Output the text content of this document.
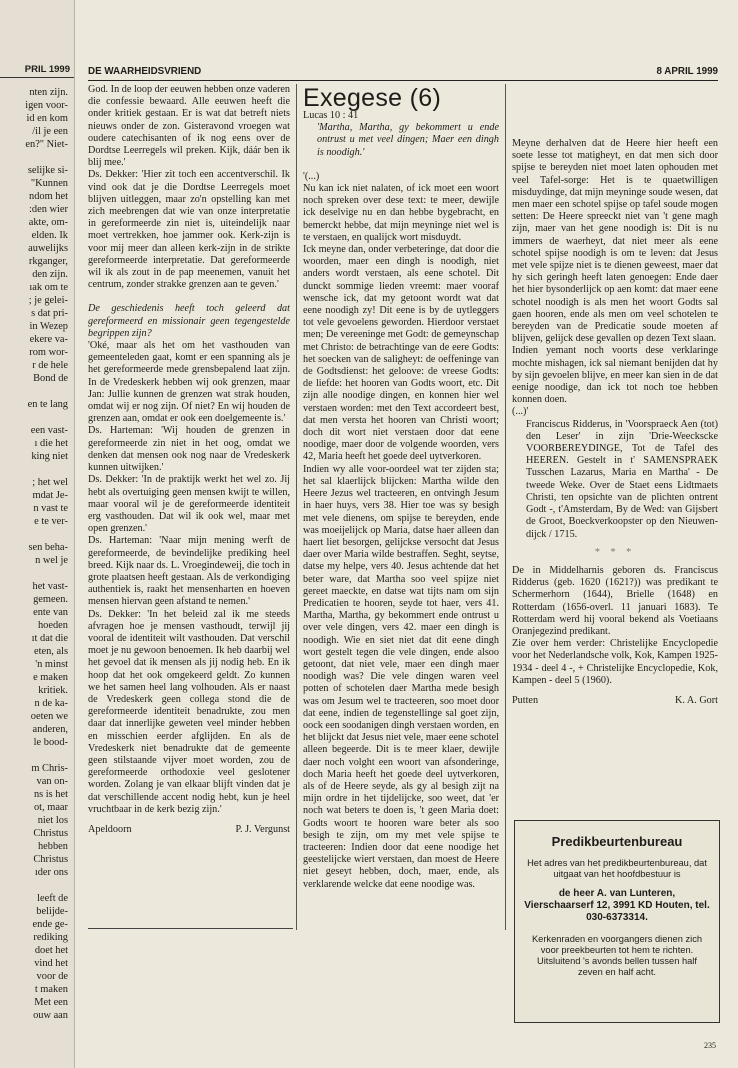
PRIL 1999
nten zijn.
igen voor-
id en kom
/il je een
en?" Niet-
selijke si-
"Kunnen
ndom het
:den wier
akte, om-
elden. Ik
auwelijks
rkganger,
den zijn.
ıak om te
; je gelei-
s dat pri-
in Wezep
ekere va-
rom wor-
r de hele
Bond de
en te lang
een vast-
ı die het
king niet
; het wel
mdat Je-
n vast te
e te ver-
sen beha-
n wel je
het vast-
gemeen.
ente van
hoeden
ıt dat die
eten, als
'n minst
e maken
kritiek.
n de ka-
oeten we
anderen,
le bood-
m Chris-
van on-
ns is het
ot, maar
niet los
Christus
hebben
Christus
ıder ons
leeft de
belijde-
ende ge-
rediking
doet het
vind het
voor de
t maken
Met een
ouw aan
DE WAARHEIDSVRIEND	8 APRIL 1999

God. In de loop der eeuwen hebben onze vaderen die confessie bewaard. Alle eeuwen heeft die onder kritiek gestaan. Er is wat dat betreft niets nieuws onder de zon. Gisteravond vroegen wat oudere catechisanten of ik nog eens over de Dordtse Leerregels wil preken. Kijk, dáár ben ik blij mee.'

Ds. Dekker: 'Hier zit toch een accentverschil. Ik vind ook dat je die Dordtse Leerregels moet blijven uitleggen, maar zo'n opstelling kan met zich meebrengen dat wie van onze interpretatie in gereformeerde zin niet is, uiteindelijk naar moet vertrekken, hoe jammer ook. Kerk-zijn is voor mij meer dan alleen kerk-zijn in de strikte gereformeerde interpretatie. Dat gereformeerde wil ik als zout in de pap meenemen, vanuit het centrum, zonder strakke grenzen aan te geven.'

De geschiedenis heeft toch geleerd dat gereformeerd en missionair geen tegengestelde begrippen zijn?

'Oké, maar als het om het vasthouden van gemeenteleden gaat, komt er een spanning als je het gereformeerde mede grensbepalend laat zijn. In de Vredeskerk hebben wij ook grenzen, maar Jan: Jullie kunnen de grenzen wat strak houden, omdat wij er nog zijn. Of niet? En wij houden de grenzen aan, omdat er ook een doelgemeente is.'

Ds. Harteman: 'Wij houden de grenzen in gereformeerde zin niet in het oog, omdat we denken dat mensen ook nog naar de Vredeskerk kunnen uitwijken.'

Ds. Dekker: 'In de praktijk werkt het wel zo. Jij hebt als overtuiging geen mensen kwijt te willen, maar vooral wil je de gereformeerde identiteit erg vasthouden. Dat wil ik ook wel, maar met open grenzen.'

Ds. Harteman: 'Naar mijn mening werft de gereformeerde, de bevindelijke prediking heel breed. Kijk naar ds. L. Vroegindeweij, die toch in grote plaatsen heeft gestaan. Als de verkondiging authentiek is, raakt het mensenharten en hoeven mensen hiervan geen afstand te nemen.'

Ds. Dekker: 'In het beleid zal ik me steeds afvragen hoe je mensen vasthoudt, terwijl jij vooral de identiteit wilt vasthouden. Dat verschil moet je nu gewoon benoemen. Ik heb daarbij wel het gevoel dat ik mensen als jij nodig heb. En ik hoop dat het ook omgekeerd geldt. Zo kunnen we het samen heel lang volhouden. Als er naast de Vredeskerk geen collega stond die de gereformeerde identiteit benadrukte, zou men daar dat innerlijke geweten veel minder hebben en misschien eerder afglijden. En als de Vredeskerk niet benadrukte dat de gemeente geen stilstaande vijver moet worden, zou de gereformeerde orthodoxie veel geslotener worden. Zolang je van elkaar blijft vinden dat je dat verschillende accent nodig hebt, kun je heel vruchtbaar in de kerk bezig zijn.'

Apeldoorn	P. J. Vergunst
Exegese (6)

Lucas 10 : 41

'Martha, Martha, gy bekommert u ende ontrust u met veel dingen; Maer een dingh is noodigh.'

'(...)

Nu kan ick niet nalaten, of ick moet een woort noch spreken over dese text: te meer, dewijle ick deselvige nu en dan hebbe bygebracht, en bemerckt hebbe, dat mijn meyninge niet wel is te verstaen, en qualijck wort misduydt.

Ick meyne dan, onder verbeteringe, dat door die woorden, maer een dingh is noodigh, niet anders wordt verstaen, als eene schotel. Dit dunckt sommige lieden vreemt: maer vooraf wensche ick, dat my getoont wordt wat dat eene noodigh zy! Dit eene is by de uytleggers tot vele gevoelens geworden. Hierdoor verstaet men; De vereeninge met Godt: de gemeynschap met Christo: de betrachtinge van de eere Godts: het soecken van de saligheyt: de oeffeninge van de Godtsdienst: het geloove: de vreese Godts: de liefde: het hooren van Godts woort, etc. Dit zijn alle noodige dingen, en konnen hier wel verstaen worden: met den Text accordeert best, dat men versta het hooren van Christi woort; doch dit wort niet verstaen door dat eene noodige, maer door de volgende woorden, vers 42, Maria heeft het goede deel uytverkoren.

Indien wy alle voor-oordeel wat ter zijden sta; het sal klaerlijck blijcken: Martha wilde den Heere Jezus wel tracteeren, en ontvingh Jesum in haer huys, vers 38. Hier toe was sy besigh met vele dienens, om spijse te bereyden, ende was moeijelijck op Maria, datse haer alleen dan haert liet besorgen, gelijckse versocht dat Jesus daer over Maria wilde bestraffen. Seght, seytse, datse my helpe, vers 40. Jesus achtende dat het beter ware, dat Martha soo veel spijze niet gereet maeckte, en datse wat tijts nam om sijn Predicatien te hooren, seyde tot haer, vers 41. Martha, Martha, gy bekommert ende ontrust u over vele dingen, vers 42. maer een dingh is noodigh. Wie en siet niet dat dit eene dingh wort gestelt tegen die vele dingen, ende alsoo getoont, dat niet vele, maer een dingh maer noodigh was? Die vele dingen waren veel potten of schotelen daer Martha mede besigh was om Jesum wel te tracteeren, soo moet door dat eene, indien de tegenstellinge sal goet zijn, oock een soodanigen dingh verstaen worden, en het blijckt dat Jesus niet vele, maer eene schotel alleen begeerde. Dit is te meer klaer, dewijle daer noch volght een woort van afsonderinge, doch Maria heeft het goede deel uytverkoren, als of de Heere seyde, als gy al besigh zijt na mijn ordre in het tijdelijcke, soo weet, dat 'er noch wat beters te doen is, 't geen Maria doet: Godts woort te hooren ware beter als soo besigh te zijn, om my met vele spijse te tracteeren: Indien door dat eene noodige het geestelijcke wiert verstaen, dan moest de Heere niet geseyt hebben, doch, maer, ende, als verklarende welcke dat eene noodige was.

Meyne derhalven dat de Heere hier heeft een soete lesse tot matigheyt, en dat men sich door spijse te bereyden niet moet laten ophouden met veel Tafel-sorge: Het is te quaetwilligen misduydinge, dat mijn meyninge soude wesen, dat men maer een schotel spijse op tafel soude mogen setten: De Heere spreeckt niet van 't gene magh zijn, maer van het gene noodigh is: Dit is nu immers de waerheyt, dat niet meer als eene schotel spijse noodigh is om te leven: dat Jesus met vele spijze niet is te dienen geweest, maer dat hy sich geringh heeft laten genoegen: Ende daer het hier bysonderlijck op aen komt: dat maer eene schotel noodigh is als men het woort Godts sal gaen hooren, ende als men om veel schotelen te bereyden van de Predicatie soude moeten af blijven, gelijck dese gevallen op dezen Text slaan.

Indien yemant noch voorts dese verklaringe mochte mishagen, ick sal niemant benijden dat hy by sijn gevoelen blijve, en meer kan sien in de dat eenige noodige, dan ick tot noch toe hebben konnen doen.

(...)'

Franciscus Ridderus, in 'Voorspraeck Aen (tot) den Leser' in zijn 'Drie-Weeckscke VOORBEREYDINGE, Tot de Tafel des HEEREN. Gestelt in t' SAMENSPRAEK Tusschen Lazarus, Maria en Martha' - De tweede Weke. Over de Staet eens Lidtmaets Christi, ten opsichte van de plichten ontrent Godt -, t'Amsterdam, By de Wed: van Gijsbert de Groot, Boeckverkoopster op den Nieuwen-dijck / 1715.

* * *

De in Middelharnis geboren ds. Franciscus Ridderus (geb. 1620 (1621?)) was predikant te Schermerhorn (1644), Brielle (1648) en Rotterdam (1656-overl. 11 januari 1683). Te Rotterdam werd hij vooral bekend als Voetiaans Oranjegezind predikant.

Zie over hem verder: Christelijke Encyclopedie voor het Nederlandsche volk, Kok, Kampen 1925-1934 - deel 4 -, + Christelijke Encyclopedie, Kok, Kampen - deel 5 (1960).

Putten	K. A. Gort
Predikbeurtenbureau
Het adres van het predikbeurtenbureau, dat uitgaat van het hoofdbestuur is
de heer A. van Lunteren, Vierschaarserf 12, 3991 KD Houten, tel. 030-6373314.
Kerkenraden en voorgangers dienen zich voor preekbeurten tot hem te richten. Uitsluitend 's avonds bellen tussen half zeven en half acht.
235
